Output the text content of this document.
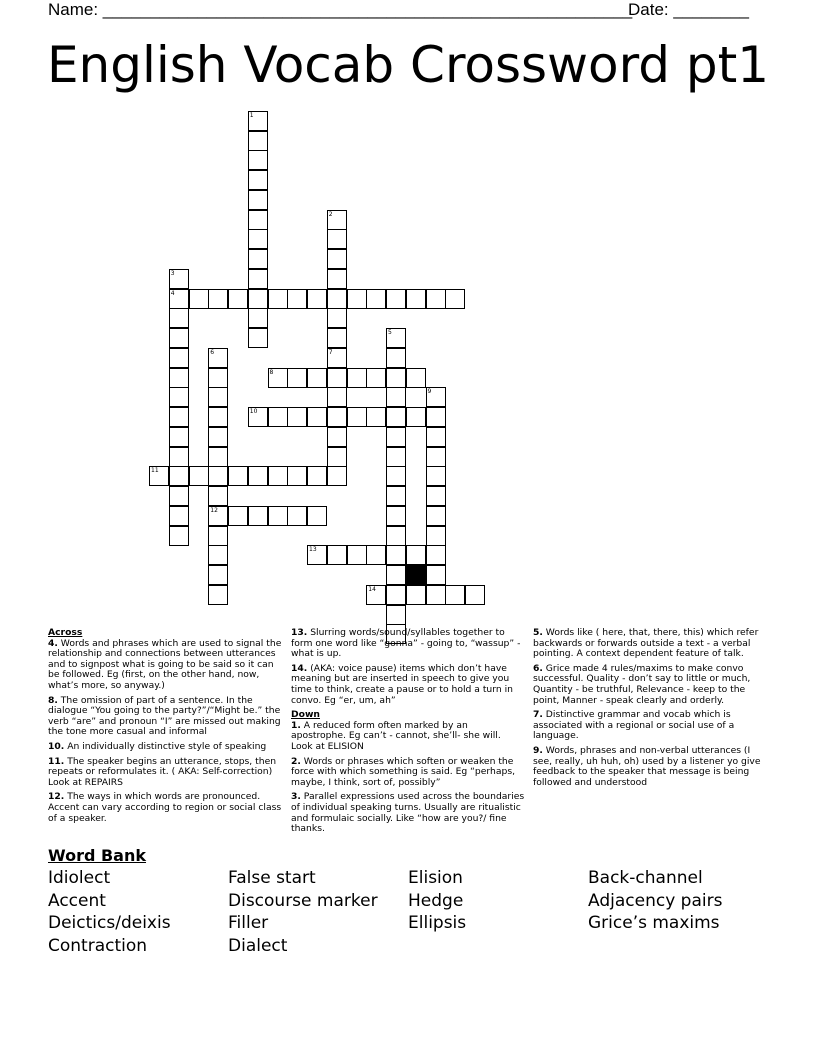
Name: ________________________________________________________
Date: ________
English Vocab Crossword pt1
1
2
3
4
5
6	7
8
9
10
11
12
13
14
Across
4. Words and phrases which are used to signal the relationship and connections between utterances and to signpost what is going to be said so it can be followed. Eg (first, on the other hand, now, what’s more, so anyway.)
8. The omission of part of a sentence. In the dialogue “You going to the party?”/“Might be.” the verb “are” and pronoun “I” are missed out making the tone more casual and informal
10. An individually distinctive style of speaking
11. The speaker begins an utterance, stops, then repeats or reformulates it. ( AKA: Self-correction) Look at REPAIRS
12. The ways in which words are pronounced. Accent can vary according to region or social class of a speaker.
13. Slurring words/sound/syllables together to form one word like “gonna” - going to, “wassup” - what is up.
14. (AKA: voice pause) items which don’t have meaning but are inserted in speech to give you time to think, create a pause or to hold a turn in convo. Eg “er, um, ah”
Down
1. A reduced form often marked by an apostrophe. Eg can’t - cannot, she’ll- she will. Look at ELISION
2. Words or phrases which soften or weaken the force with which something is said. Eg “perhaps, maybe, I think, sort of, possibly”
3. Parallel expressions used across the boundaries of individual speaking turns. Usually are ritualistic and formulaic socially. Like “how are you?/ fine thanks.
5. Words like ( here, that, there, this) which refer backwards or forwards outside a text - a verbal pointing. A context dependent feature of talk.
6. Grice made 4 rules/maxims to make convo successful. Quality - don’t say to little or much, Quantity - be truthful, Relevance - keep to the point, Manner - speak clearly and orderly.
7. Distinctive grammar and vocab which is associated with a regional or social use of a language.
9. Words, phrases and non-verbal utterances (I see, really, uh huh, oh) used by a listener yo give feedback to the speaker that message is being followed and understood
Word Bank
Idiolect
Accent
Deictics/deixis
Contraction
False start
Discourse marker
Filler
Dialect
Elision
Hedge
Ellipsis
Back-channel
Adjacency pairs
Grice’s maxims
